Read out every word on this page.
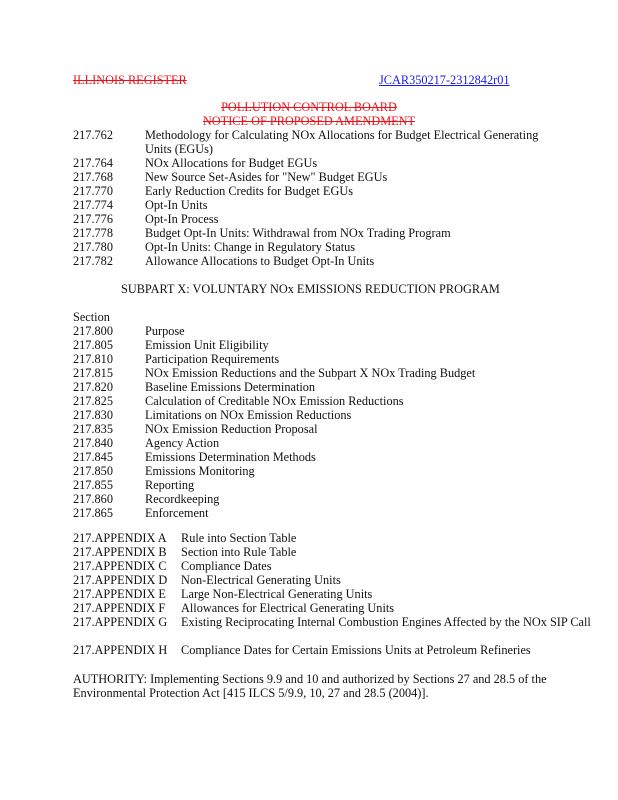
ILLINOIS REGISTER	JCAR350217-2312842r01
POLLUTION CONTROL BOARD
NOTICE OF PROPOSED AMENDMENT
217.762	Methodology for Calculating NOx Allocations for Budget Electrical Generating Units (EGUs)
217.764	NOx Allocations for Budget EGUs
217.768	New Source Set-Asides for "New" Budget EGUs
217.770	Early Reduction Credits for Budget EGUs
217.774	Opt-In Units
217.776	Opt-In Process
217.778	Budget Opt-In Units: Withdrawal from NOx Trading Program
217.780	Opt-In Units: Change in Regulatory Status
217.782	Allowance Allocations to Budget Opt-In Units
SUBPART X: VOLUNTARY NOx EMISSIONS REDUCTION PROGRAM
Section
217.800	Purpose
217.805	Emission Unit Eligibility
217.810	Participation Requirements
217.815	NOx Emission Reductions and the Subpart X NOx Trading Budget
217.820	Baseline Emissions Determination
217.825	Calculation of Creditable NOx Emission Reductions
217.830	Limitations on NOx Emission Reductions
217.835	NOx Emission Reduction Proposal
217.840	Agency Action
217.845	Emissions Determination Methods
217.850	Emissions Monitoring
217.855	Reporting
217.860	Recordkeeping
217.865	Enforcement
217.APPENDIX A Rule into Section Table
217.APPENDIX B Section into Rule Table
217.APPENDIX C Compliance Dates
217.APPENDIX D Non-Electrical Generating Units
217.APPENDIX E Large Non-Electrical Generating Units
217.APPENDIX F Allowances for Electrical Generating Units
217.APPENDIX G Existing Reciprocating Internal Combustion Engines Affected by the NOx SIP Call
217.APPENDIX H Compliance Dates for Certain Emissions Units at Petroleum Refineries
AUTHORITY: Implementing Sections 9.9 and 10 and authorized by Sections 27 and 28.5 of the Environmental Protection Act [415 ILCS 5/9.9, 10, 27 and 28.5 (2004)].
